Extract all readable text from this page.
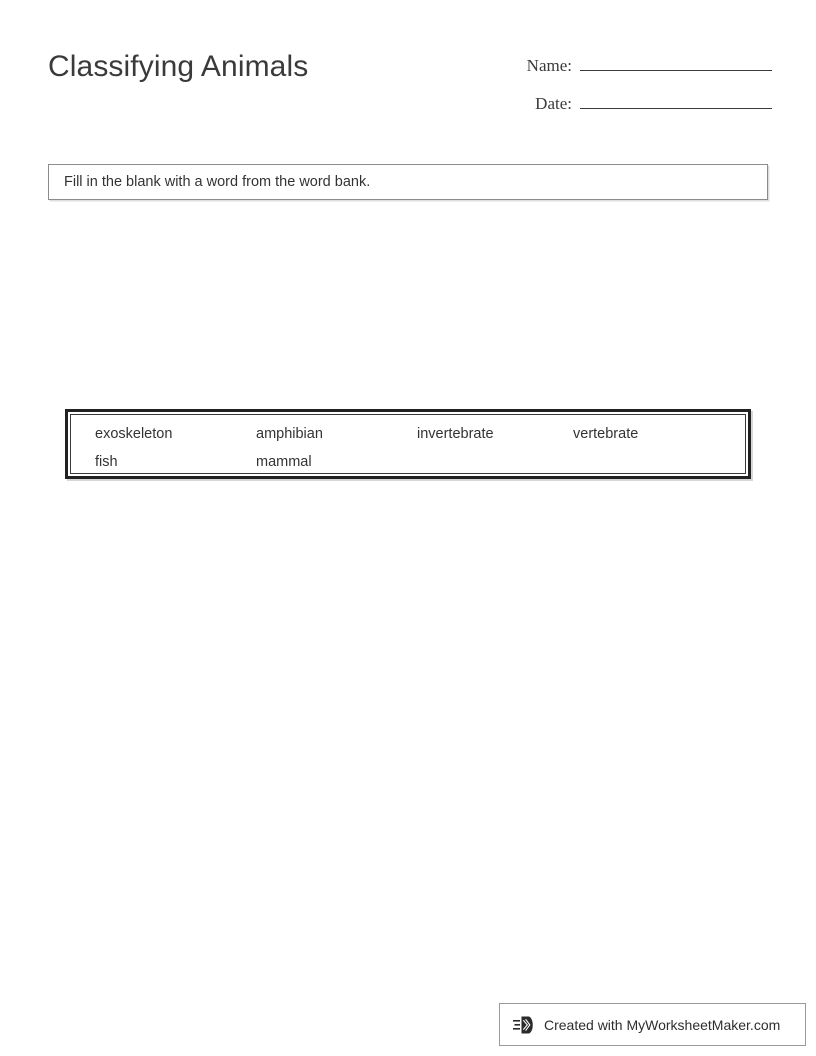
Classifying Animals	Name:
Date:
Fill in the blank with a word from the word bank.
exoskeleton	amphibian	invertebrate	vertebrate
fish	mammal
Created with MyWorksheetMaker.com
